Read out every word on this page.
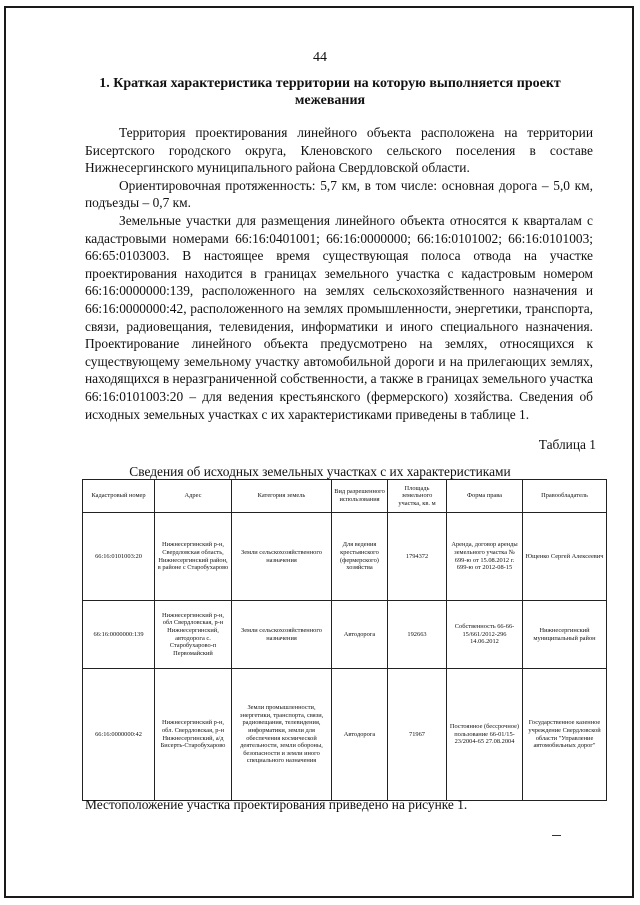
44
1. Краткая характеристика территории на которую выполняется проект
межевания

Территория проектирования линейного объекта расположена на территории Бисертского городского округа, Кленовского сельского поселения в составе Нижнесергинского муниципального района Свердловской области.

Ориентировочная протяженность: 5,7 км, в том числе: основная дорога – 5,0 км, подъезды – 0,7 км.

Земельные участки для размещения линейного объекта относятся к кварталам с кадастровыми номерами 66:16:0401001; 66:16:0000000; 66:16:0101002; 66:16:0101003; 66:65:0103003. В настоящее время существующая полоса отвода на участке проектирования находится в границах земельного участка с кадастровым номером 66:16:0000000:139, расположенного на землях сельскохозяйственного назначения и 66:16:0000000:42, расположенного на землях промышленности, энергетики, транспорта, связи, радиовещания, телевидения, информатики и иного специального назначения. Проектирование линейного объекта предусмотрено на землях, относящихся к существующему земельному участку автомобильной дороги и на прилегающих землях, находящихся в неразграниченной собственности, а также в границах земельного участка 66:16:0101003:20 – для ведения крестьянского (фермерского) хозяйства. Сведения об исходных земельных участках с их характеристиками приведены в таблице 1.

Таблица 1
Сведения об исходных земельных участках с их характеристиками
Кадастровый номер	Адрес	Категория земель	Вид разрешенного использования	Площадь земельного участка, кв. м	Форма права	Правообладатель
66:16:0101003:20	Нижнесергинский р-н, Свердловская область, Нижнесергинский район, в районе с Старобухарово	Земли сельскохозяйственного назначения	Для ведения крестьянского (фермерского) хозяйства	1794372	Аренда, договор аренды земельного участка № 699-ю от 15.08.2012 г. 699-ю от 2012-08-15	Ющенко Сергей Алексеевич
66:16:0000000:139	Нижнесергинский р-н, обл Свердловская, р-н Нижнесергинский, автодорога с. Старобухарово-п Первомайский	Земли сельскохозяйственного назначения	Автодорога	192663	Собственность 66-66-15/661/2012-296 14.06.2012	Нижнесергинский муниципальный район
66:16:0000000:42	Нижнесергинский р-н, обл. Свердловская, р-н Нижнесергинский, а/д Бисерть-Старобухарово	Земли промышленности, энергетики, транспорта, связи, радиовещания, телевидения, информатики, земли для обеспечения космической деятельности, земли обороны, безопасности и земли иного специального назначения	Автодорога	71967	Постоянное (бессрочное) пользование 66-01/15-23/2004-65 27.08.2004	Государственное казенное учреждение Свердловской области "Управление автомобильных дорог"
Местоположение участка проектирования приведено на рисунке 1.
